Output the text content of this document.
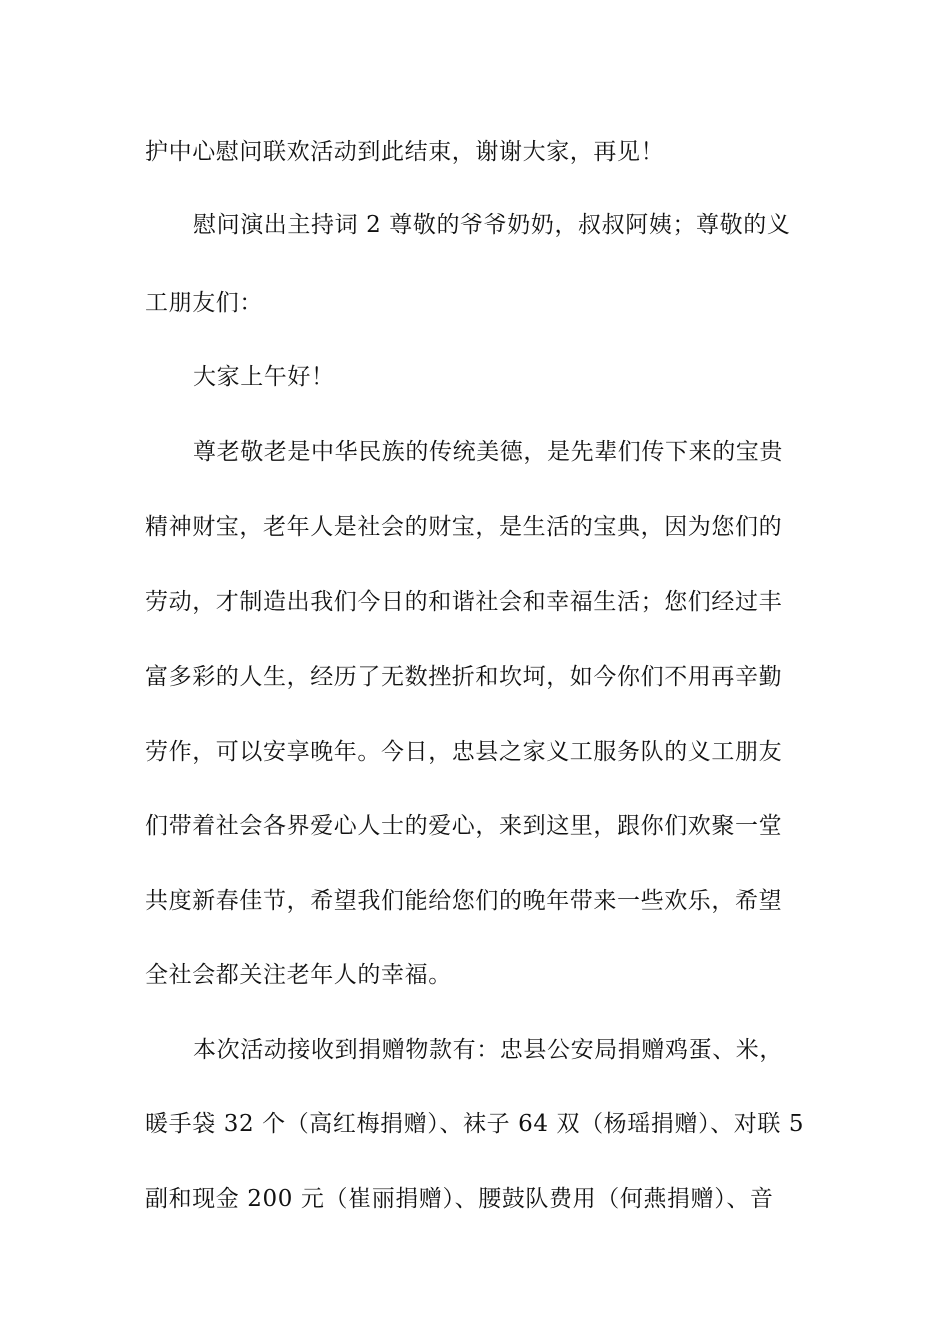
护中心慰问联欢活动到此结束，谢谢大家，再见！
慰问演出主持词 2 尊敬的爷爷奶奶，叔叔阿姨；尊敬的义
工朋友们：
大家上午好！
尊老敬老是中华民族的传统美德，是先辈们传下来的宝贵
精神财宝，老年人是社会的财宝，是生活的宝典，因为您们的
劳动，才制造出我们今日的和谐社会和幸福生活；您们经过丰
富多彩的人生，经历了无数挫折和坎坷，如今你们不用再辛勤
劳作，可以安享晚年。今日，忠县之家义工服务队的义工朋友
们带着社会各界爱心人士的爱心，来到这里，跟你们欢聚一堂
共度新春佳节，希望我们能给您们的晚年带来一些欢乐，希望
全社会都关注老年人的幸福。
本次活动接收到捐赠物款有：忠县公安局捐赠鸡蛋、米，
暖手袋 32 个（高红梅捐赠）、袜子 64 双（杨瑶捐赠）、对联 5
副和现金 200 元（崔丽捐赠）、腰鼓队费用（何燕捐赠）、音
